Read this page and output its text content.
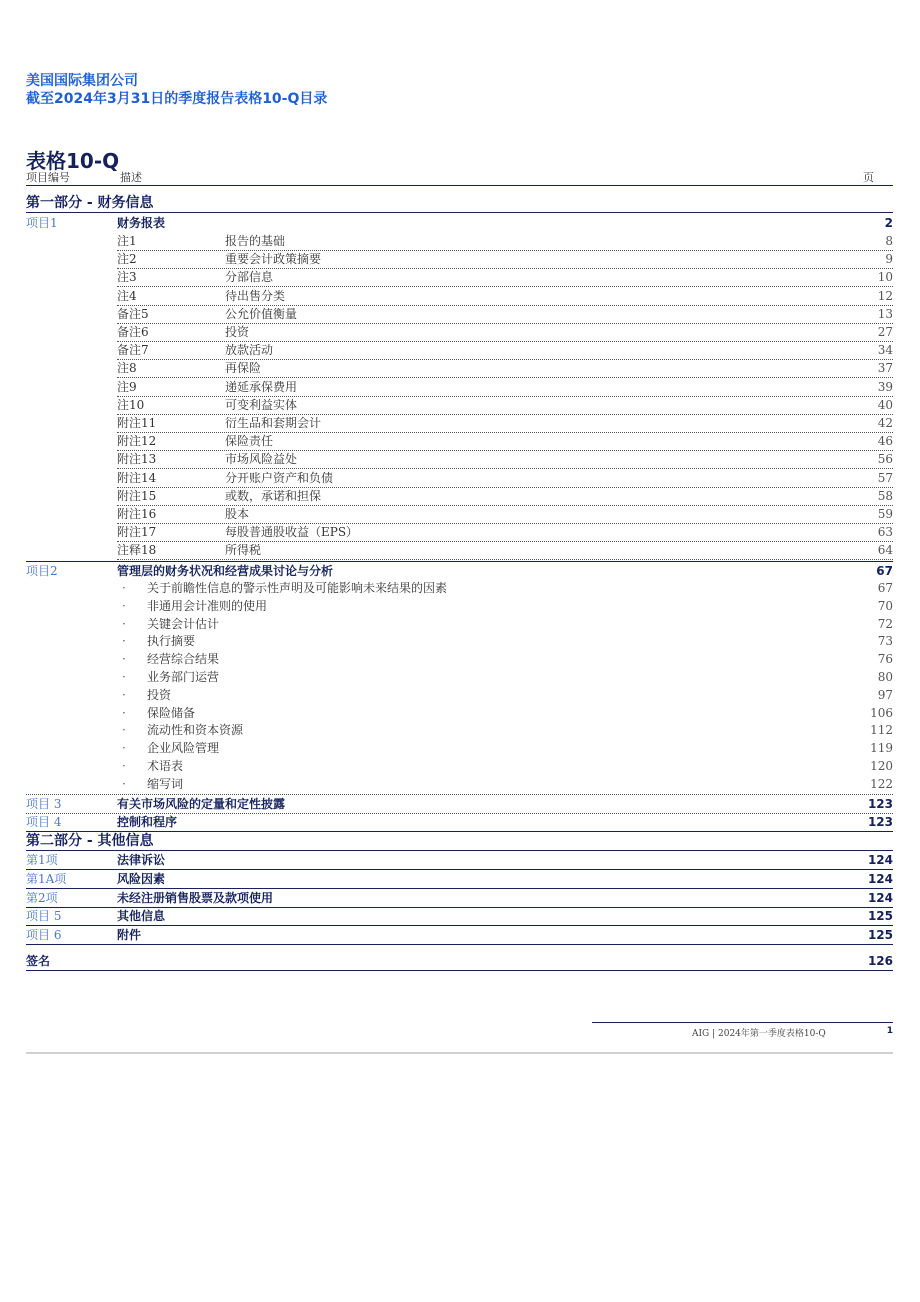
美国国际集团公司
截至2024年3月31日的季度报告表格10-Q目录
表格10-Q
项目编号	描述	页
第一部分 - 财务信息
项目1	财务报表	2
注1	报告的基础	8
注2	重要会计政策摘要	9
注3	分部信息	10
注4	待出售分类	12
备注5	公允价值衡量	13
备注6	投资	27
备注7	放款活动	34
注8	再保险	37
注9	递延承保费用	39
注10	可变利益实体	40
附注11	衍生品和套期会计	42
附注12	保险责任	46
附注13	市场风险益处	56
附注14	分开账户资产和负债	57
附注15	或数，承诺和担保	58
附注16	股本	59
附注17	每股普通股收益（EPS）	63
注释18	所得税	64
项目2	管理层的财务状况和经营成果讨论与分析	67
· 关于前瞻性信息的警示性声明及可能影响未来结果的因素	67
· 非通用会计准则的使用	70
· 关键会计估计	72
· 执行摘要	73
· 经营综合结果	76
· 业务部门运营	80
· 投资	97
· 保险储备	106
· 流动性和资本资源	112
· 企业风险管理	119
· 术语表	120
· 缩写词	122
项目 3	有关市场风险的定量和定性披露	123
项目 4	控制和程序	123
第二部分 - 其他信息
第1项	法律诉讼	124
第1A项	风险因素	124
第2项	未经注册销售股票及款项使用	124
项目 5	其他信息	125
项目 6	附件	125
签名	126
AIG | 2024年第一季度表格10-Q	1
